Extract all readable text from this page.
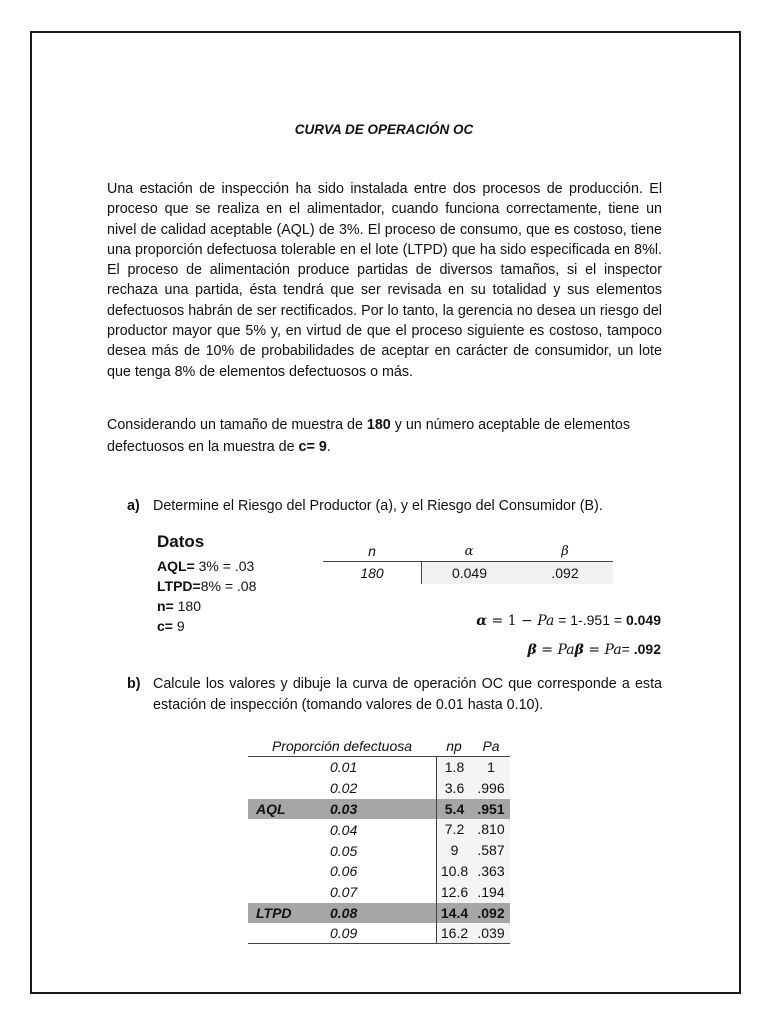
CURVA DE OPERACIÓN OC

Una estación de inspección ha sido instalada entre dos procesos de producción. El proceso que se realiza en el alimentador, cuando funciona correctamente, tiene un nivel de calidad aceptable (AQL) de 3%. El proceso de consumo, que es costoso, tiene una proporción defectuosa tolerable en el lote (LTPD) que ha sido especificada en 8%l. El proceso de alimentación produce partidas de diversos tamaños, si el inspector rechaza una partida, ésta tendrá que ser revisada en su totalidad y sus elementos defectuosos habrán de ser rectificados. Por lo tanto, la gerencia no desea un riesgo del productor mayor que 5% y, en virtud de que el proceso siguiente es costoso, tampoco desea más de 10% de probabilidades de aceptar en carácter de consumidor, un lote que tenga 8% de elementos defectuosos o más.

Considerando un tamaño de muestra de 180 y un número aceptable de elementos defectuosos en la muestra de c= 9.

a) Determine el Riesgo del Productor (a), y el Riesgo del Consumidor (B).
Datos
AQL= 3% = .03
LTPD=8% = .08
n= 180
c= 9
n	α	β
180	0.049	.092
α = 1 − Pa = 1-.951 = 0.049
β = Paβ = Pa= .092
b) Calcule los valores y dibuje la curva de operación OC que corresponde a esta estación de inspección (tomando valores de 0.01 hasta 0.10).
Proporción defectuosa	np	Pa
0.01	1.8	1
0.02	3.6 .996
AQL	0.03	5.4 .951
0.04	7.2 .810
0.05	9	.587
0.06	10.8 .363
0.07	12.6 .194
LTPD	0.08	14.4 .092
0.09	16.2 .039
